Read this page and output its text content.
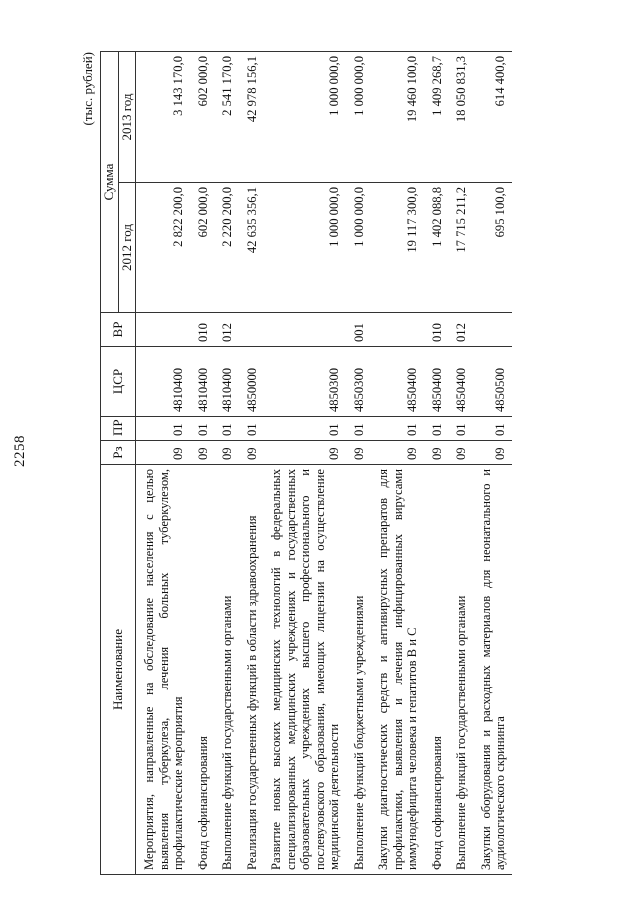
2258
(тыс. рублей)
Наименование	Рз	ПР	ЦСР	ВР	Сумма	
					2012 год	2013 год
Мероприятия, направленные на обследование населения с целью выявления туберкулеза, лечения больных туберкулезом, профилактические мероприятия	09	01	4810400		2 822 200,0	3 143 170,0
Фонд софинансирования	09	01	4810400	010	602 000,0	602 000,0
Выполнение функций государственными органами	09	01	4810400	012	2 220 200,0	2 541 170,0
Реализация государственных функций в области здравоохранения	09	01	4850000		42 635 356,1	42 978 156,1
Развитие новых высоких медицинских технологий в федеральных специализированных медицинских учреждениях и государственных образовательных учреждениях высшего профессионального и послевузовского образования, имеющих лицензии на осуществление медицинской деятельности	09	01	4850300		1 000 000,0	1 000 000,0
Выполнение функций бюджетными учреждениями	09	01	4850300	001	1 000 000,0	1 000 000,0
Закупки диагностических средств и антивирусных препаратов для профилактики, выявления и лечения инфицированных вирусами иммунодефицита человека и гепатитов B и C	09	01	4850400		19 117 300,0	19 460 100,0
Фонд софинансирования	09	01	4850400	010	1 402 088,8	1 409 268,7
Выполнение функций государственными органами	09	01	4850400	012	17 715 211,2	18 050 831,3
Закупки оборудования и расходных материалов для неонатального и аудиологического скрининга	09	01	4850500		695 100,0	614 400,0
